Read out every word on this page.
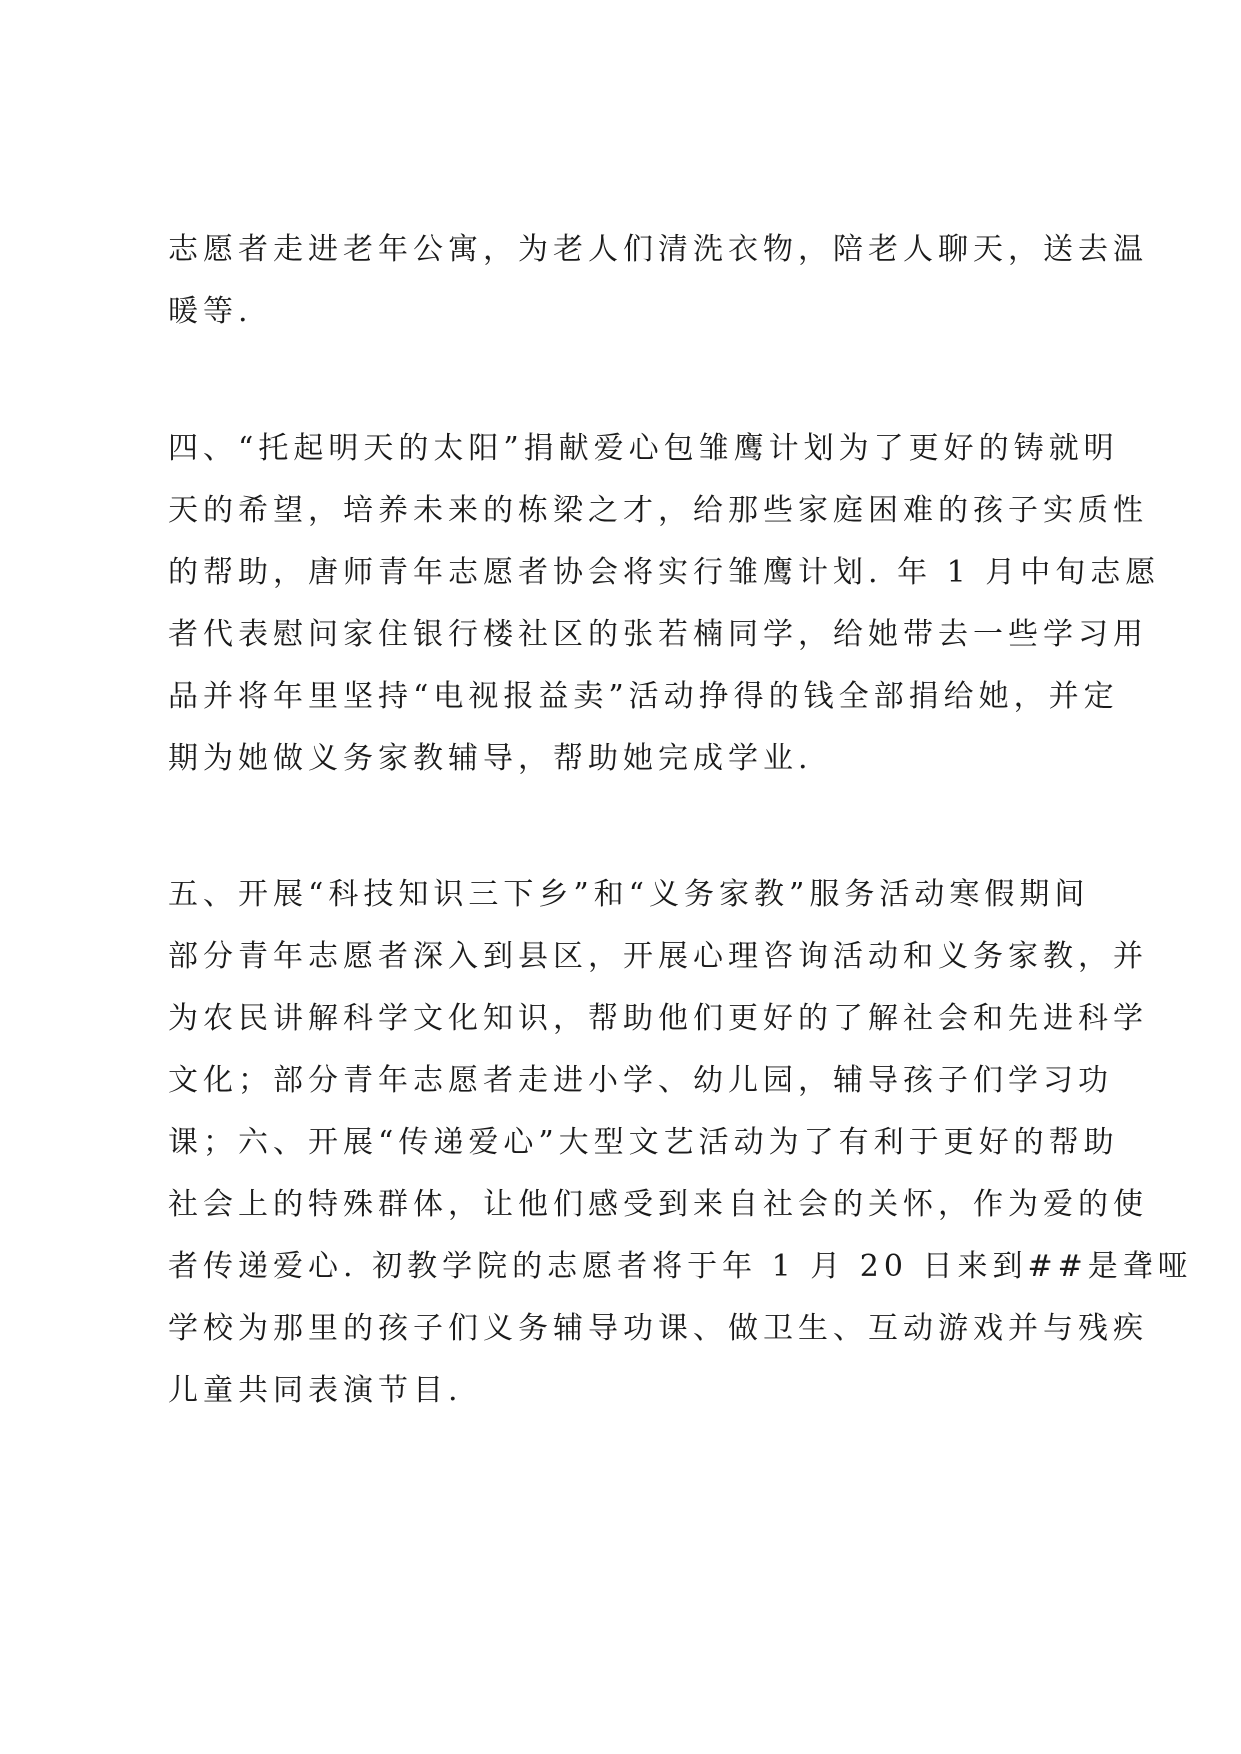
志愿者走进老年公寓，为老人们清洗衣物，陪老人聊天，送去温
暖等.
四、“托起明天的太阳”捐献爱心包雏鹰计划为了更好的铸就明
天的希望，培养未来的栋梁之才，给那些家庭困难的孩子实质性
的帮助，唐师青年志愿者协会将实行雏鹰计划. 年 1 月中旬志愿
者代表慰问家住银行楼社区的张若楠同学，给她带去一些学习用
品并将年里坚持“电视报益卖”活动挣得的钱全部捐给她，并定
期为她做义务家教辅导，帮助她完成学业.
五、开展“科技知识三下乡”和“义务家教”服务活动寒假期间
部分青年志愿者深入到县区，开展心理咨询活动和义务家教，并
为农民讲解科学文化知识，帮助他们更好的了解社会和先进科学
文化；部分青年志愿者走进小学、幼儿园，辅导孩子们学习功
课；六、开展“传递爱心”大型文艺活动为了有利于更好的帮助
社会上的特殊群体，让他们感受到来自社会的关怀，作为爱的使
者传递爱心. 初教学院的志愿者将于年 1 月 20 日来到##是聋哑
学校为那里的孩子们义务辅导功课、做卫生、互动游戏并与残疾
儿童共同表演节目.
